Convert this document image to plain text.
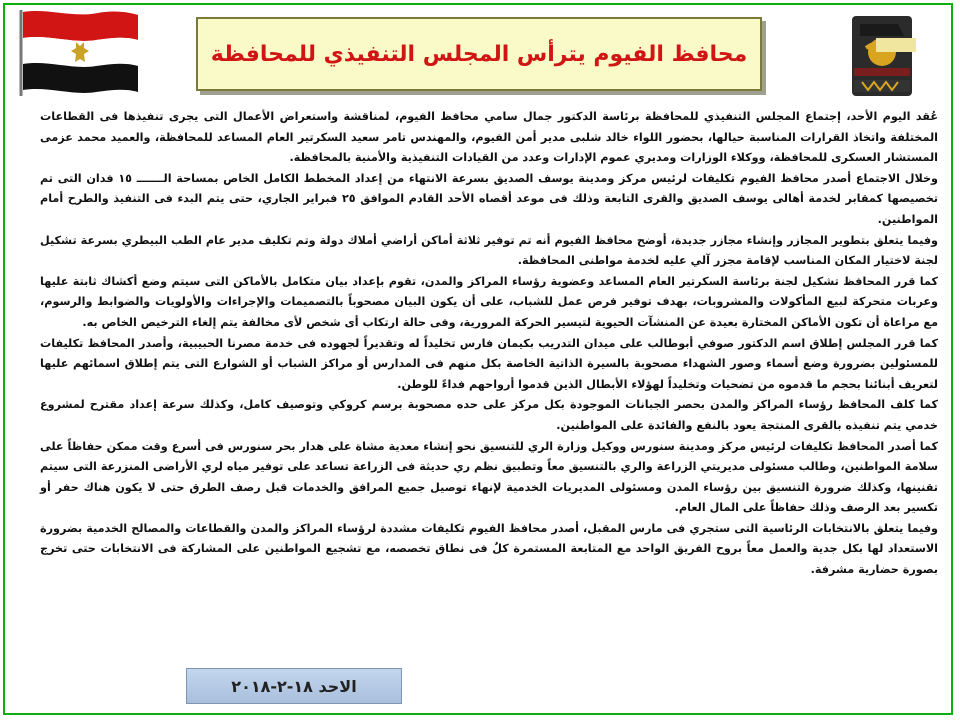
محافظ الفيوم يترأس المجلس التنفيذي للمحافظة

عُقد اليوم الأحد، إجتماع المجلس التنفيذي للمحافظة برئاسة الدكتور جمال سامي محافظ الفيوم، لمناقشة واستعراض الأعمال التى يجرى تنفيذها فى القطاعات المختلفة واتخاذ القرارات المناسبة حيالها، بحضور اللواء خالد شلبى مدير أمن الفيوم، والمهندس تامر سعيد السكرتير العام المساعد للمحافظة، والعميد محمد عزمى المستشار العسكرى للمحافظة، ووكلاء الوزارات ومديري عموم الإدارات وعدد من القيادات التنفيذية والأمنية بالمحافظة.

وخلال الاجتماع أصدر محافظ الفيوم تكليفات لرئيس مركز ومدينة يوسف الصديق بسرعة الانتهاء من إعداد المخطط الكامل الخاص بمساحة الـــــــ ١٥ فدان التى تم تخصيصها كمقابر لخدمة أهالى يوسف الصديق والقرى التابعة وذلك فى موعد أقصاه الأحد القادم الموافق ٢٥ فبراير الجاري، حتى يتم البدء فى التنفيذ والطرح أمام المواطنين.

وفيما يتعلق بتطوير المجازر وإنشاء مجازر جديدة، أوضح محافظ الفيوم أنه تم توفير ثلاثة أماكن أراضي أملاك دولة وتم تكليف مدير عام الطب البيطري بسرعة تشكيل لجنة لاختيار المكان المناسب لإقامة مجزر آلي عليه لخدمة مواطنى المحافظة.

كما قرر المحافظ تشكيل لجنة برئاسة السكرتير العام المساعد وعضوية رؤساء المراكز والمدن، تقوم بإعداد بيان متكامل بالأماكن التى سيتم وضع أكشاك ثابتة عليها وعربات متحركة لبيع المأكولات والمشروبات، بهدف توفير فرص عمل للشباب، على أن يكون البيان مصحوباً بالتصميمات والإجراءات والأولويات والضوابط والرسوم، مع مراعاة أن تكون الأماكن المختارة بعيدة عن المنشآت الحيوية لتيسير الحركة المرورية، وفى حالة ارتكاب أى شخص لأى مخالفة يتم إلغاء الترخيص الخاص به.

كما قرر المجلس إطلاق اسم الدكتور صوفي أبوطالب على ميدان التدريب بكيمان فارس تخليداً له وتقديراً لجهوده فى خدمة مصرنا الحبيبية، وأصدر المحافظ تكليفات للمسئولين بضرورة وضع أسماء وصور الشهداء مصحوبة بالسيرة الذاتية الخاصة بكل منهم فى المدارس أو مراكز الشباب أو الشوارع التى يتم إطلاق اسمائهم عليها لتعريف أبنائنا بحجم ما قدموه من تضحيات وتخليداً لهؤلاء الأبطال الذين قدموا أرواحهم فداءً للوطن.

كما كلف المحافظ رؤساء المراكز والمدن بحصر الجبانات الموجودة بكل مركز على حده مصحوبة برسم كروكي وتوصيف كامل، وكذلك سرعة إعداد مقترح لمشروع خدمي يتم تنفيذه بالقرى المنتجة يعود بالنفع والفائدة على المواطنين.

كما أصدر المحافظ تكليفات لرئيس مركز ومدينة سنورس ووكيل وزارة الري للتنسيق نحو إنشاء معدية مشاة على هدار بحر سنورس فى أسرع وقت ممكن حفاظاً على سلامة المواطنين، وطالب مسئولى مديريتي الزراعة والري بالتنسيق معاً وتطبيق نظم ري حديثة فى الزراعة تساعد على توفير مياه لري الأراضى المنزرعة التى سيتم تقنينها، وكذلك ضرورة التنسيق بين رؤساء المدن ومسئولى المديريات الخدمية لإنهاء توصيل جميع المرافق والخدمات قبل رصف الطرق حتى لا يكون هناك حفر أو تكسير بعد الرصف وذلك حفاظاً على المال العام.

وفيما يتعلق بالانتخابات الرئاسية التى ستجري فى مارس المقبل، أصدر محافظ الفيوم تكليفات مشددة لرؤساء المراكز والمدن والقطاعات والمصالح الخدمية بضرورة الاستعداد لها بكل جدية والعمل معاً بروح الفريق الواحد مع المتابعة المستمرة كلٌ فى نطاق تخصصه، مع تشجيع المواطنين على المشاركة فى الانتخابات حتى تخرج بصورة حضارية مشرفة.

الاحد ١٨-٢-٢٠١٨
